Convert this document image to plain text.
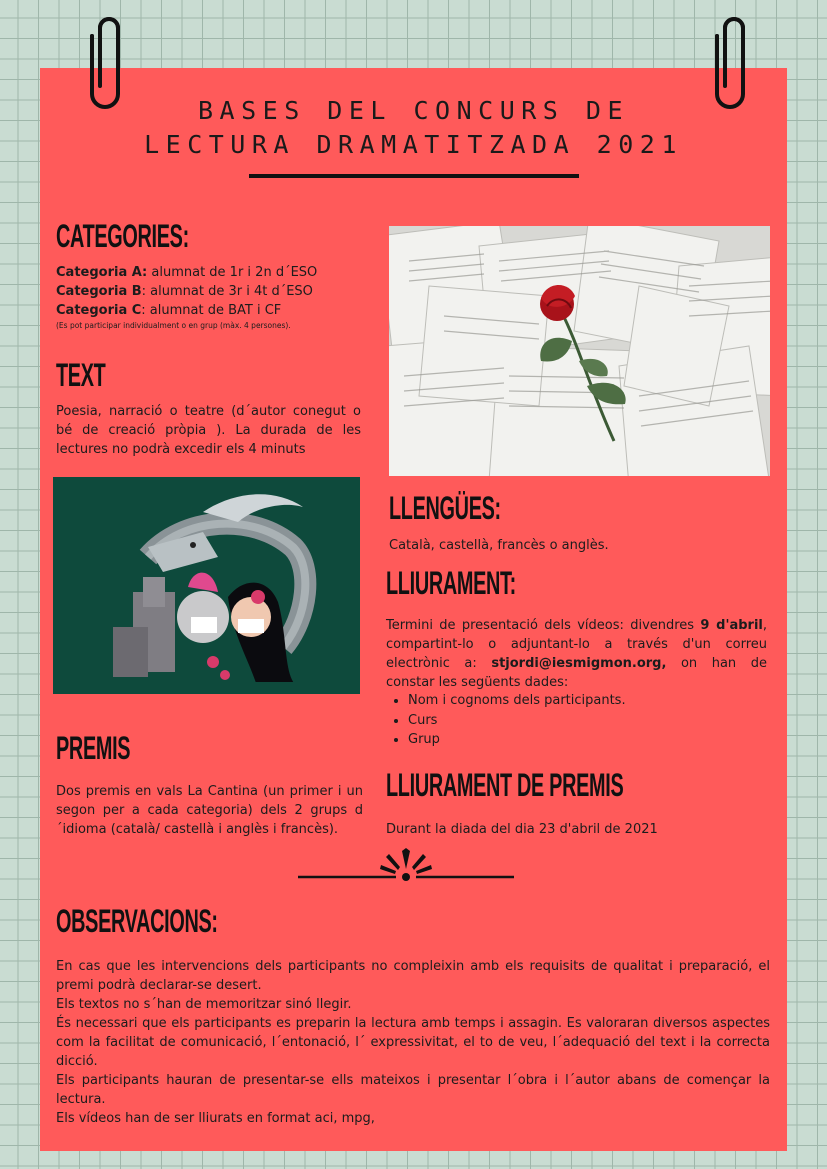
BASES DEL CONCURS DE
LECTURA DRAMATITZADA 2021
CATEGORIES:
Categoria A: alumnat de 1r i 2n d´ESO
Categoria B: alumnat de 3r i 4t d´ESO
Categoria C: alumnat de BAT i CF
(Es pot participar individualment o en grup (màx. 4 persones).
TEXT
Poesia, narració o teatre (d´autor conegut o bé de creació pròpia ). La durada de les lectures no podrà excedir els 4 minuts
LLENGÜES:
Català, castellà, francès o anglès.
LLIURAMENT:
Termini de presentació dels vídeos: divendres 9 d'abril, compartint-lo o adjuntant-lo a través d'un correu electrònic a: stjordi@iesmigmon.org, on han de constar les següents dades:
• Nom i cognoms dels participants.
• Curs
• Grup
PREMIS
Dos premis en vals La Cantina (un primer i un segon per a cada categoria) dels 2 grups d´idioma (català/ castellà i anglès i francès).
LLIURAMENT DE PREMIS
Durant la diada del dia 23 d'abril de 2021
OBSERVACIONS:

En cas que les intervencions dels participants no compleixin amb els requisits de qualitat i preparació, el premi podrà declarar-se desert.

Els textos no s´han de memoritzar sinó llegir.

És necessari que els participants es preparin la lectura amb temps i assagin. Es valoraran diversos aspectes com la facilitat de comunicació, l´entonació, l´ expressivitat, el to de veu, l´adequació del text i la correcta dicció.

Els participants hauran de presentar-se ells mateixos i presentar l´obra i l´autor abans de començar la lectura.

Els vídeos han de ser lliurats en format aci, mpg,
